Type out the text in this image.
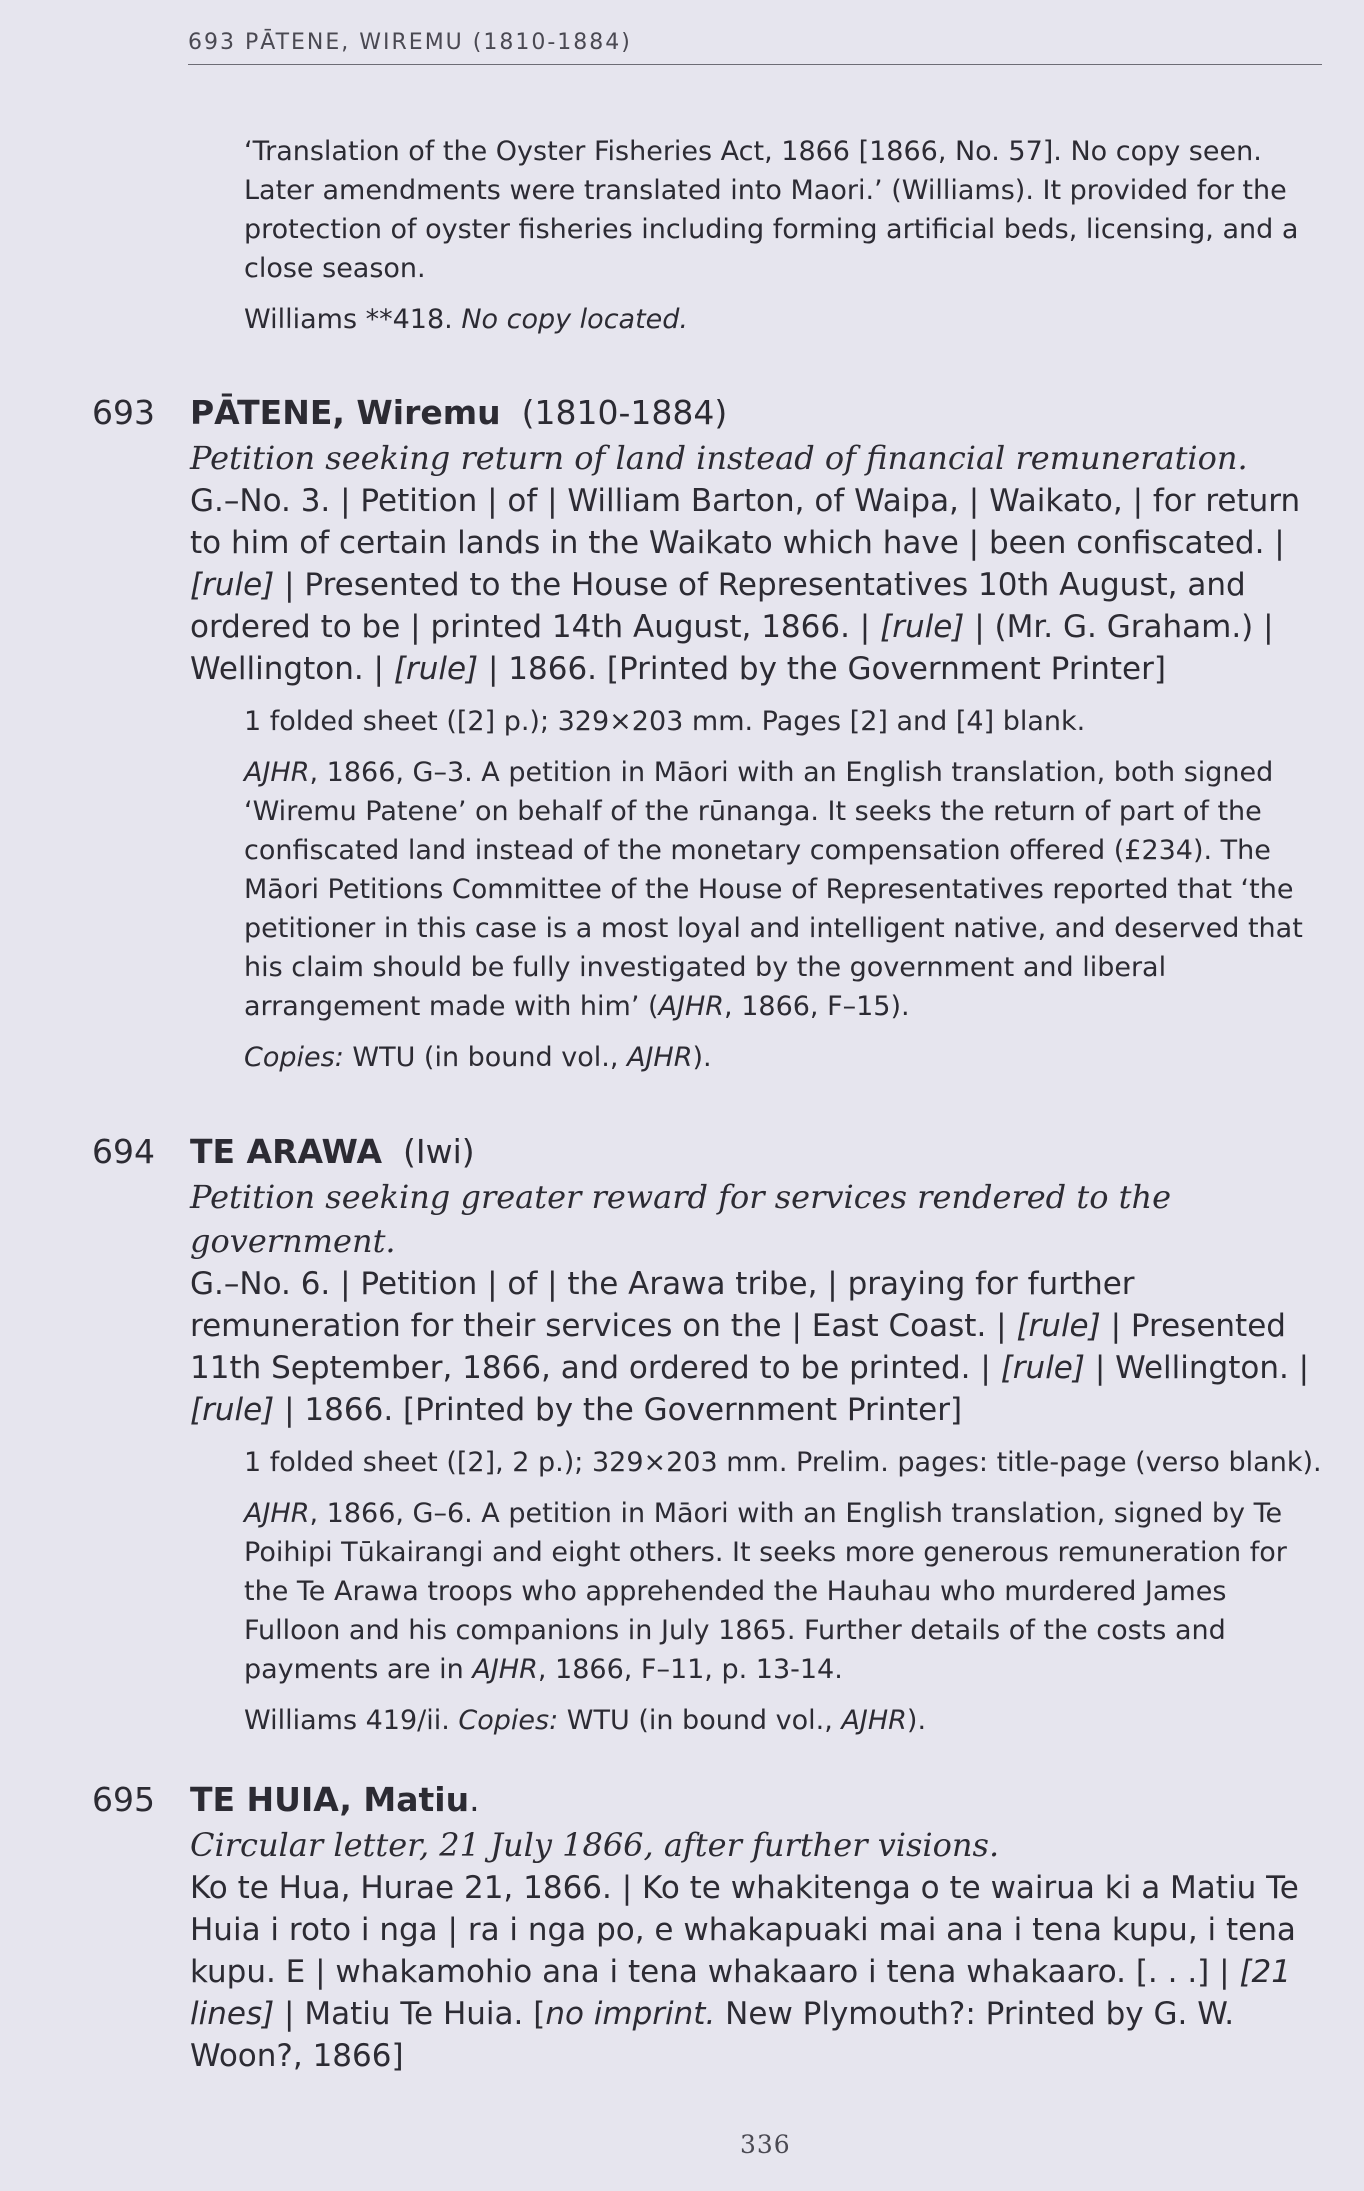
693 PĀTENE, WIREMU (1810-1884)

‘Translation of the Oyster Fisheries Act, 1866 [1866, No. 57]. No copy seen. Later amendments were translated into Maori.’ (Williams). It provided for the protection of oyster fisheries including forming artificial beds, licensing, and a close season.

Williams **418. No copy located.

693 PĀTENE, Wiremu (1810-1884)

Petition seeking return of land instead of financial remuneration.

G.–No. 3. | Petition | of | William Barton, of Waipa, | Waikato, | for return to him of certain lands in the Waikato which have | been confiscated. | [rule] | Presented to the House of Representatives 10th August, and ordered to be | printed 14th August, 1866. | [rule] | (Mr. G. Graham.) | Wellington. | [rule] | 1866. [Printed by the Government Printer]

1 folded sheet ([2] p.); 329×203 mm. Pages [2] and [4] blank.

AJHR, 1866, G–3. A petition in Māori with an English translation, both signed ‘Wiremu Patene’ on behalf of the rūnanga. It seeks the return of part of the confiscated land instead of the monetary compensation offered (£234). The Māori Petitions Committee of the House of Representatives reported that ‘the petitioner in this case is a most loyal and intelligent native, and deserved that his claim should be fully investigated by the government and liberal arrangement made with him’ (AJHR, 1866, F–15).

Copies: WTU (in bound vol., AJHR).

694 TE ARAWA (Iwi)

Petition seeking greater reward for services rendered to the government.

G.–No. 6. | Petition | of | the Arawa tribe, | praying for further remuneration for their services on the | East Coast. | [rule] | Presented 11th September, 1866, and ordered to be printed. | [rule] | Wellington. | [rule] | 1866. [Printed by the Government Printer]

1 folded sheet ([2], 2 p.); 329×203 mm. Prelim. pages: title-page (verso blank).

AJHR, 1866, G–6. A petition in Māori with an English translation, signed by Te Poihipi Tūkairangi and eight others. It seeks more generous remuneration for the Te Arawa troops who apprehended the Hauhau who murdered James Fulloon and his companions in July 1865. Further details of the costs and payments are in AJHR, 1866, F–11, p. 13-14.

Williams 419/ii. Copies: WTU (in bound vol., AJHR).

695 TE HUIA, Matiu.

Circular letter, 21 July 1866, after further visions.

Ko te Hua, Hurae 21, 1866. | Ko te whakitenga o te wairua ki a Matiu Te Huia i roto i nga | ra i nga po, e whakapuaki mai ana i tena kupu, i tena kupu. E | whakamohio ana i tena whakaaro i tena whakaaro. [. . .] | [21 lines] | Matiu Te Huia. [no imprint. New Plymouth?: Printed by G. W. Woon?, 1866]

336
